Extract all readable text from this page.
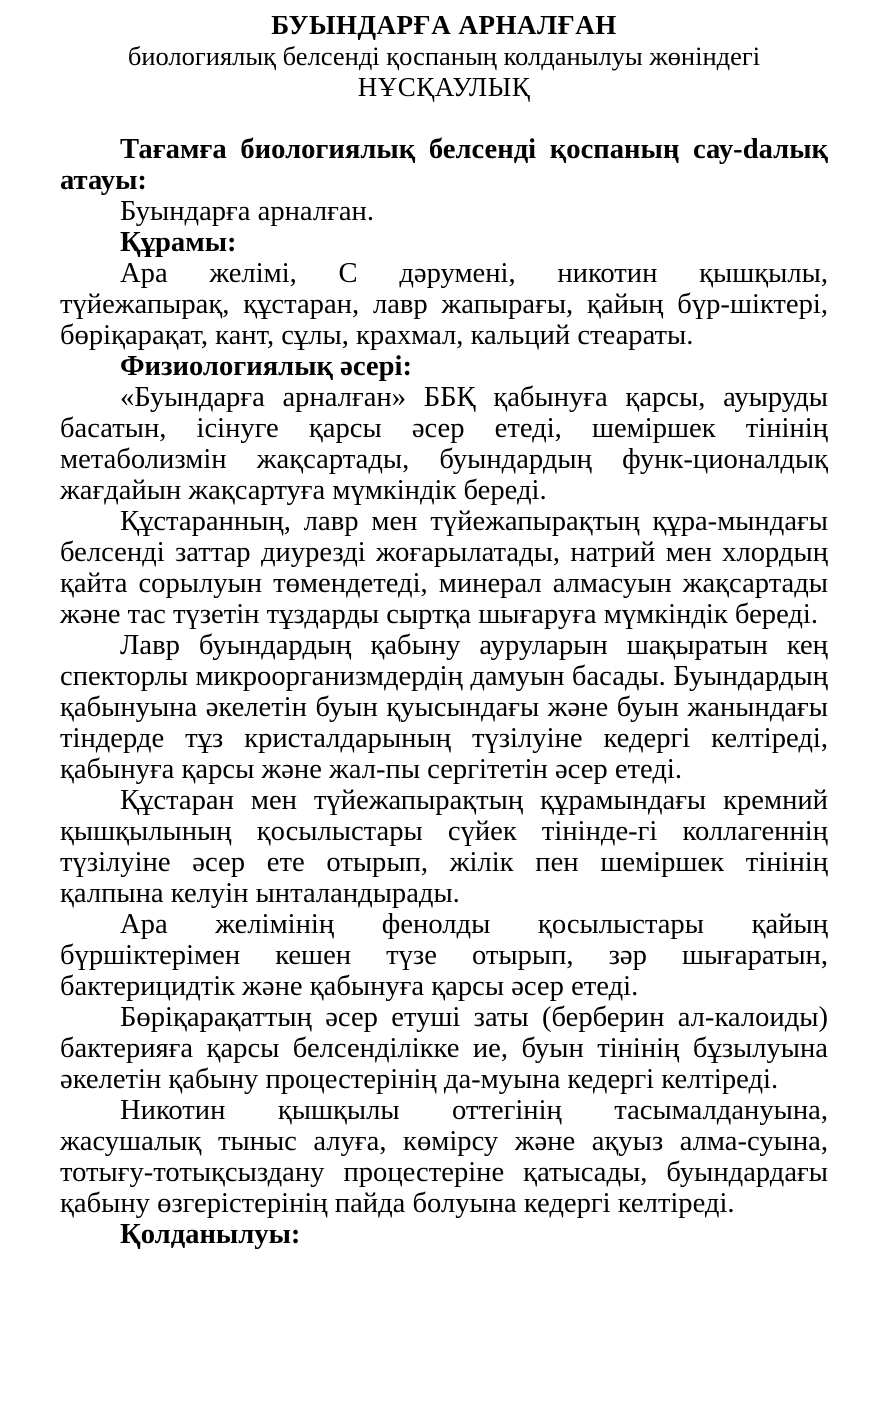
БУЫНДАРҒА АРНАЛҒАН
биологиялық белсенді қоспаның колданылуы жөніндегі
НҰСҚАУЛЫҚ

Тағамға биологиялық белсенді қоспаның сау-dалық атауы:

Буындарға арналған.

Құрамы:

Ара желімі, С дәрумені, никотин қышқылы, түйежапырақ, құстаран, лавр жапырағы, қайың бүр-шіктері, бөріқарақат, кант, сұлы, крахмал, кальций стеараты.

Физиологиялық әсері:

«Буындарға арналған» ББҚ қабынуға қарсы, ауыруды басатын, ісінуге қарсы әсер етеді, шеміршек тінінің метаболизмін жақсартады, буындардың функ-ционалдық жағдайын жақсартуға мүмкіндік береді.

Құстаранның, лавр мен түйежапырақтың құра-мындағы белсенді заттар диурезді жоғарылатады, натрий мен хлордың қайта сорылуын төмендетеді, минерал алмасуын жақсартады және тас түзетін тұздарды сыртқа шығаруға мүмкіндік береді.

Лавр буындардың қабыну ауруларын шақыратын кең спекторлы микроорганизмдердің дамуын басады. Буындардың қабынуына әкелетін буын қуысындағы және буын жанындағы тіндерде тұз кристалдарының түзілуіне кедергі келтіреді, қабынуға қарсы және жал-пы сергітетін әсер етеді.

Құстаран мен түйежапырақтың құрамындағы кремний қышқылының қосылыстары сүйек тінінде-гі коллагеннің түзілуіне әсер ете отырып, жілік пен шеміршек тінінің қалпына келуін ынталандырады.

Ара желімінің фенолды қосылыстары қайың бүршіктерімен кешен түзе отырып, зәр шығаратын, бактерицидтік және қабынуға қарсы әсер етеді.

Бөріқарақаттың әсер етуші заты (берберин ал-калоиды) бактерияға қарсы белсенділікке ие, буын тінінің бұзылуына әкелетін қабыну процестерінің да-муына кедергі келтіреді.

Никотин қышқылы оттегінің тасымалдануына, жасушалық тыныс алуға, көмірсу және ақуыз алма-суына, тотығу-тотықсыздану процестеріне қатысады, буындардағы қабыну өзгерістерінің пайда болуына кедергі келтіреді.

Қолданылуы:
